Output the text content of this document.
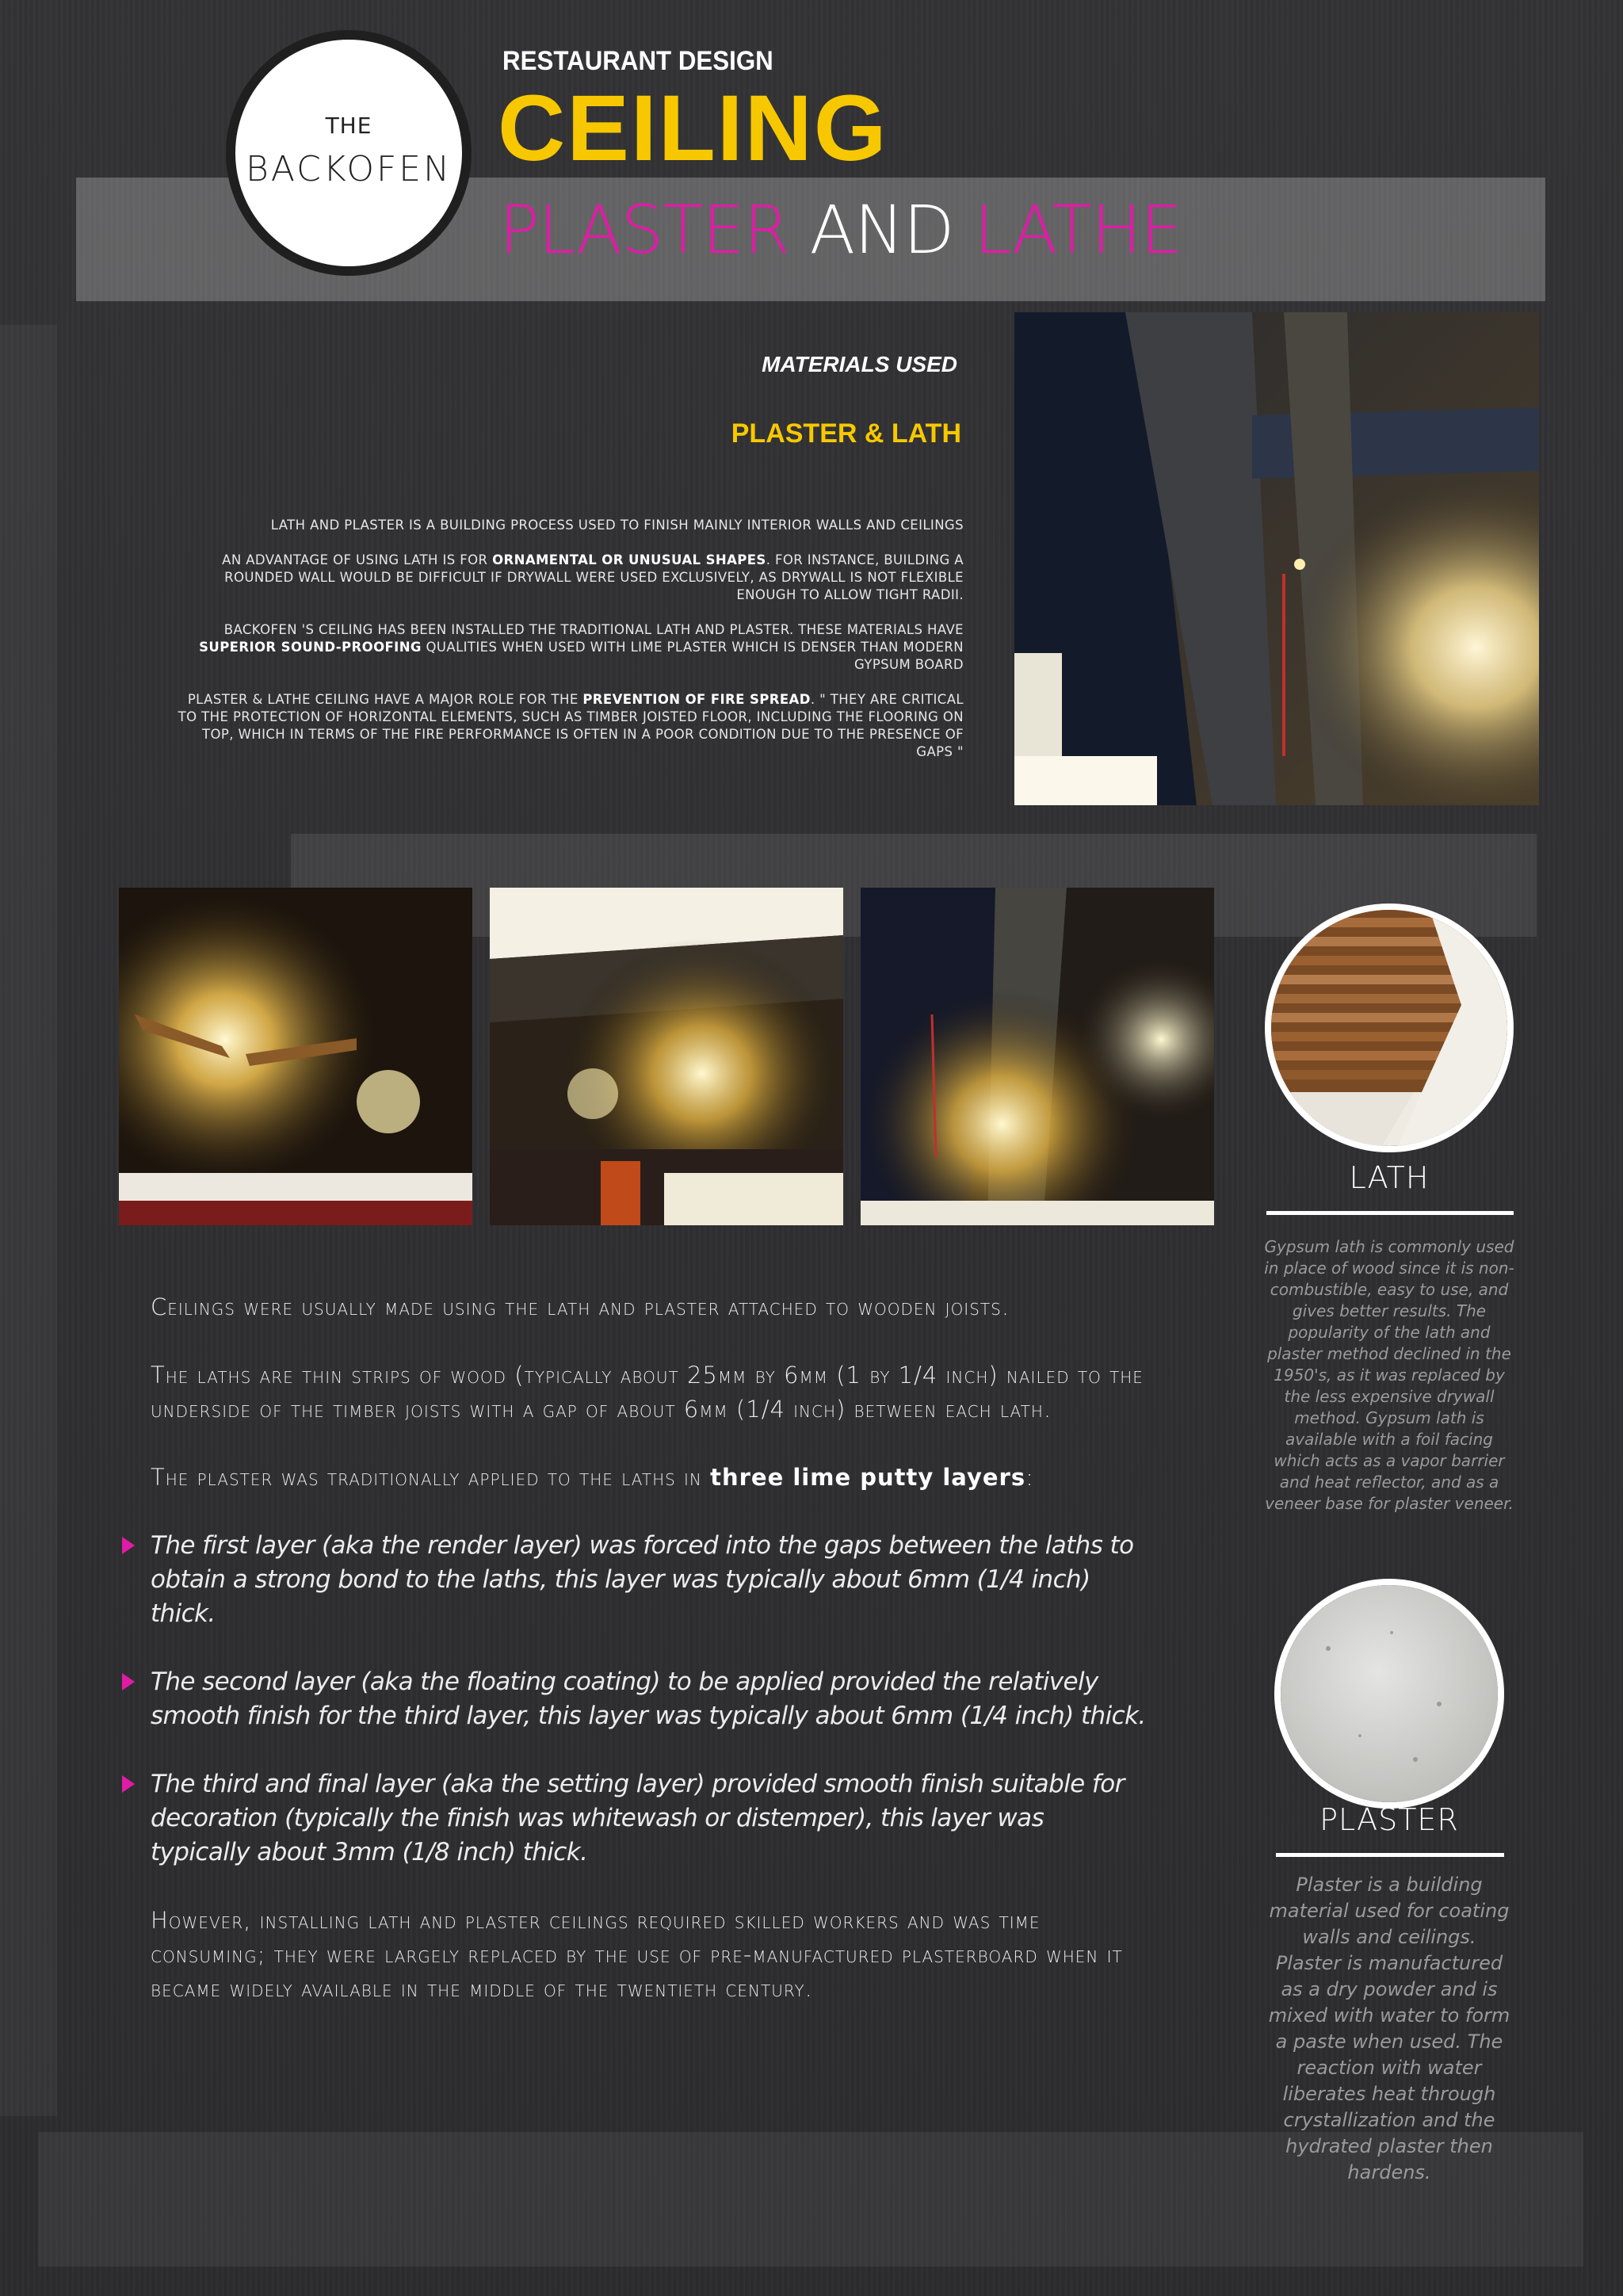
THE
BACKOFEN
RESTAURANT DESIGN
CEILING
PLASTER AND LATHE
MATERIALS USED
PLASTER & LATH

LATH AND PLASTER IS A BUILDING PROCESS USED TO FINISH MAINLY INTERIOR WALLS AND CEILINGS

AN ADVANTAGE OF USING LATH IS FOR ORNAMENTAL OR UNUSUAL SHAPES. FOR INSTANCE, BUILDING A ROUNDED WALL WOULD BE DIFFICULT IF DRYWALL WERE USED EXCLUSIVELY, AS DRYWALL IS NOT FLEXIBLE ENOUGH TO ALLOW TIGHT RADII.

BACKOFEN 'S CEILING HAS BEEN INSTALLED THE TRADITIONAL LATH AND PLASTER. THESE MATERIALS HAVE SUPERIOR SOUND-PROOFING QUALITIES WHEN USED WITH LIME PLASTER WHICH IS DENSER THAN MODERN GYPSUM BOARD

PLASTER & LATHE CEILING HAVE A MAJOR ROLE FOR THE PREVENTION OF FIRE SPREAD. " THEY ARE CRITICAL TO THE PROTECTION OF HORIZONTAL ELEMENTS, SUCH AS TIMBER JOISTED FLOOR, INCLUDING THE FLOORING ON TOP, WHICH IN TERMS OF THE FIRE PERFORMANCE IS OFTEN IN A POOR CONDITION DUE TO THE PRESENCE OF GAPS "

Ceilings were usually made using the lath and plaster attached to wooden joists.

The laths are thin strips of wood (typically about 25mm by 6mm (1 by 1/4 inch) nailed to the underside of the timber joists with a gap of about 6mm (1/4 inch) between each lath.

The plaster was traditionally applied to the laths in three lime putty layers:

The first layer (aka the render layer) was forced into the gaps between the laths to obtain a strong bond to the laths, this layer was typically about 6mm (1/4 inch) thick.
The second layer (aka the floating coating) to be applied provided the relatively smooth finish for the third layer, this layer was typically about 6mm (1/4 inch) thick.
The third and final layer (aka the setting layer) provided smooth finish suitable for decoration (typically the finish was whitewash or distemper), this layer was typically about 3mm (1/8 inch) thick.

However, installing lath and plaster ceilings required skilled workers and was time consuming; they were largely replaced by the use of pre-manufactured plasterboard when it became widely available in the middle of the twentieth century.

LATH
Gypsum lath is commonly used in place of wood since it is non-combustible, easy to use, and gives better results. The popularity of the lath and plaster method declined in the 1950's, as it was replaced by the less expensive drywall method. Gypsum lath is available with a foil facing which acts as a vapor barrier and heat reflector, and as a veneer base for plaster veneer.
PLASTER
Plaster is a building material used for coating walls and ceilings. Plaster is manufactured as a dry powder and is mixed with water to form a paste when used. The reaction with water liberates heat through crystallization and the hydrated plaster then hardens.
